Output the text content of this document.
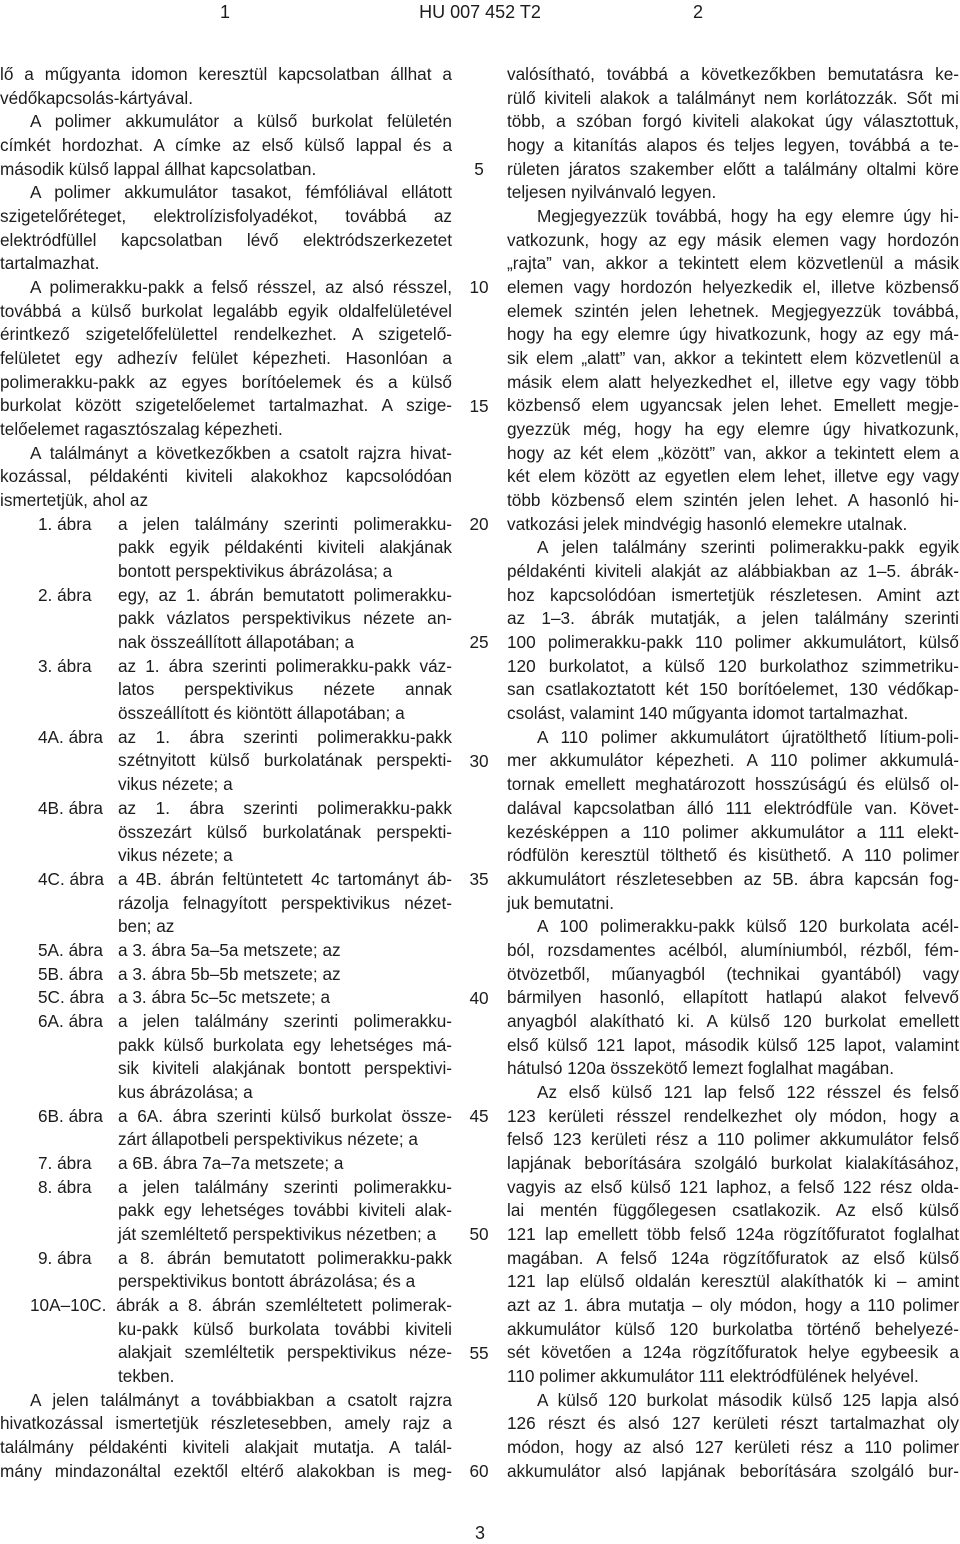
1	HU 007 452 T2	2
lő a műgyanta idomon keresztül kapcsolatban állhat a
védőkapcsolás-kártyával.
A polimer akkumulátor a külső burkolat felületén
címkét hordozhat. A címke az első külső lappal és a
második külső lappal állhat kapcsolatban.
A polimer akkumulátor tasakot, fémfóliával ellátott
szigetelőréteget, elektrolízisfolyadékot, továbbá az
elektródfüllel kapcsolatban lévő elektródszerkezetet
tartalmazhat.
A polimerakku-pakk a felső résszel, az alsó résszel,
továbbá a külső burkolat legalább egyik oldalfelületével
érintkező szigetelőfelülettel rendelkezhet. A szigetelő-
felületet egy adhezív felület képezheti. Hasonlóan a
polimerakku-pakk az egyes borítóelemek és a külső
burkolat között szigetelőelemet tartalmazhat. A szige-
telőelemet ragasztószalag képezheti.
A találmányt a következőkben a csatolt rajzra hivat-
kozással, példakénti kiviteli alakokhoz kapcsolódóan
ismertetjük, ahol az
1. ábra	a jelen találmány szerinti polimerakku-
pakk egyik példakénti kiviteli alakjának
bontott perspektivikus ábrázolása; a
2. ábra	egy, az 1. ábrán bemutatott polimerakku-
pakk vázlatos perspektivikus nézete an-
nak összeállított állapotában; a
3. ábra	az 1. ábra szerinti polimerakku-pakk váz-
latos perspektivikus nézete annak
összeállított és kiöntött állapotában; a
4A. ábra az 1. ábra szerinti polimerakku-pakk
szétnyitott külső burkolatának perspekti-
vikus nézete; a
4B. ábra az 1. ábra szerinti polimerakku-pakk
összezárt külső burkolatának perspekti-
vikus nézete; a
4C. ábra a 4B. ábrán feltüntetett 4c tartományt áb-
rázolja felnagyított perspektivikus nézet-
ben; az
5A. ábra a 3. ábra 5a–5a metszete; az
5B. ábra a 3. ábra 5b–5b metszete; az
5C. ábra a 3. ábra 5c–5c metszete; a
6A. ábra a jelen találmány szerinti polimerakku-
pakk külső burkolata egy lehetséges má-
sik kiviteli alakjának bontott perspektivi-
kus ábrázolása; a
6B. ábra a 6A. ábra szerinti külső burkolat össze-
zárt állapotbeli perspektivikus nézete; a
7. ábra	a 6B. ábra 7a–7a metszete; a
8. ábra	a jelen találmány szerinti polimerakku-
pakk egy lehetséges további kiviteli alak-
ját szemléltető perspektivikus nézetben; a
9. ábra	a 8. ábrán bemutatott polimerakku-pakk
perspektivikus bontott ábrázolása; és a
10A–10C. ábrák a 8. ábrán szemléltetett polimerak-
ku-pakk külső burkolata további kiviteli
alakjait szemléltetik perspektivikus néze-
tekben.
A jelen találmányt a továbbiakban a csatolt rajzra
hivatkozással ismertetjük részletesebben, amely rajz a
találmány példakénti kiviteli alakjait mutatja. A talál-
mány mindazonáltal ezektől eltérő alakokban is meg-
5
10
15
20
25
30
35
40
45
50
55
60
valósítható, továbbá a következőkben bemutatásra ke-
rülő kiviteli alakok a találmányt nem korlátozzák. Sőt mi
több, a szóban forgó kiviteli alakokat úgy választottuk,
hogy a kitanítás alapos és teljes legyen, továbbá a te-
rületen járatos szakember előtt a találmány oltalmi köre
teljesen nyilvánvaló legyen.
Megjegyezzük továbbá, hogy ha egy elemre úgy hi-
vatkozunk, hogy az egy másik elemen vagy hordozón
„rajta” van, akkor a tekintett elem közvetlenül a másik
elemen vagy hordozón helyezkedik el, illetve közbenső
elemek szintén jelen lehetnek. Megjegyezzük továbbá,
hogy ha egy elemre úgy hivatkozunk, hogy az egy má-
sik elem „alatt” van, akkor a tekintett elem közvetlenül a
másik elem alatt helyezkedhet el, illetve egy vagy több
közbenső elem ugyancsak jelen lehet. Emellett megje-
gyezzük még, hogy ha egy elemre úgy hivatkozunk,
hogy az két elem „között” van, akkor a tekintett elem a
két elem között az egyetlen elem lehet, illetve egy vagy
több közbenső elem szintén jelen lehet. A hasonló hi-
vatkozási jelek mindvégig hasonló elemekre utalnak.
A jelen találmány szerinti polimerakku-pakk egyik
példakénti kiviteli alakját az alábbiakban az 1–5. ábrák-
hoz kapcsolódóan ismertetjük részletesen. Amint azt
az 1–3. ábrák mutatják, a jelen találmány szerinti
100 polimerakku-pakk 110 polimer akkumulátort, külső
120 burkolatot, a külső 120 burkolathoz szimmetriku-
san csatlakoztatott két 150 borítóelemet, 130 védőkap-
csolást, valamint 140 műgyanta idomot tartalmazhat.
A 110 polimer akkumulátort újratölthető lítium-poli-
mer akkumulátor képezheti. A 110 polimer akkumulá-
tornak emellett meghatározott hosszúságú és elülső ol-
dalával kapcsolatban álló 111 elektródfüle van. Követ-
kezésképpen a 110 polimer akkumulátor a 111 elekt-
ródfülön keresztül tölthető és kisüthető. A 110 polimer
akkumulátort részletesebben az 5B. ábra kapcsán fog-
juk bemutatni.
A 100 polimerakku-pakk külső 120 burkolata acél-
ból, rozsdamentes acélból, alumíniumból, rézből, fém-
ötvözetből, műanyagból (technikai gyantából) vagy
bármilyen hasonló, ellapított hatlapú alakot felvevő
anyagból alakítható ki. A külső 120 burkolat emellett
első külső 121 lapot, második külső 125 lapot, valamint
hátulsó 120a összekötő lemezt foglalhat magában.
Az első külső 121 lap felső 122 résszel és felső
123 kerületi résszel rendelkezhet oly módon, hogy a
felső 123 kerületi rész a 110 polimer akkumulátor felső
lapjának beborítására szolgáló burkolat kialakításához,
vagyis az első külső 121 laphoz, a felső 122 rész olda-
lai mentén függőlegesen csatlakozik. Az első külső
121 lap emellett több felső 124a rögzítőfuratot foglalhat
magában. A felső 124a rögzítőfuratok az első külső
121 lap elülső oldalán keresztül alakíthatók ki – amint
azt az 1. ábra mutatja – oly módon, hogy a 110 polimer
akkumulátor külső 120 burkolatba történő behelyezé-
sét követően a 124a rögzítőfuratok helye egybeesik a
110 polimer akkumulátor 111 elektródfülének helyével.
A külső 120 burkolat második külső 125 lapja alsó
126 részt és alsó 127 kerületi részt tartalmazhat oly
módon, hogy az alsó 127 kerületi rész a 110 polimer
akkumulátor alsó lapjának beborítására szolgáló bur-
3
